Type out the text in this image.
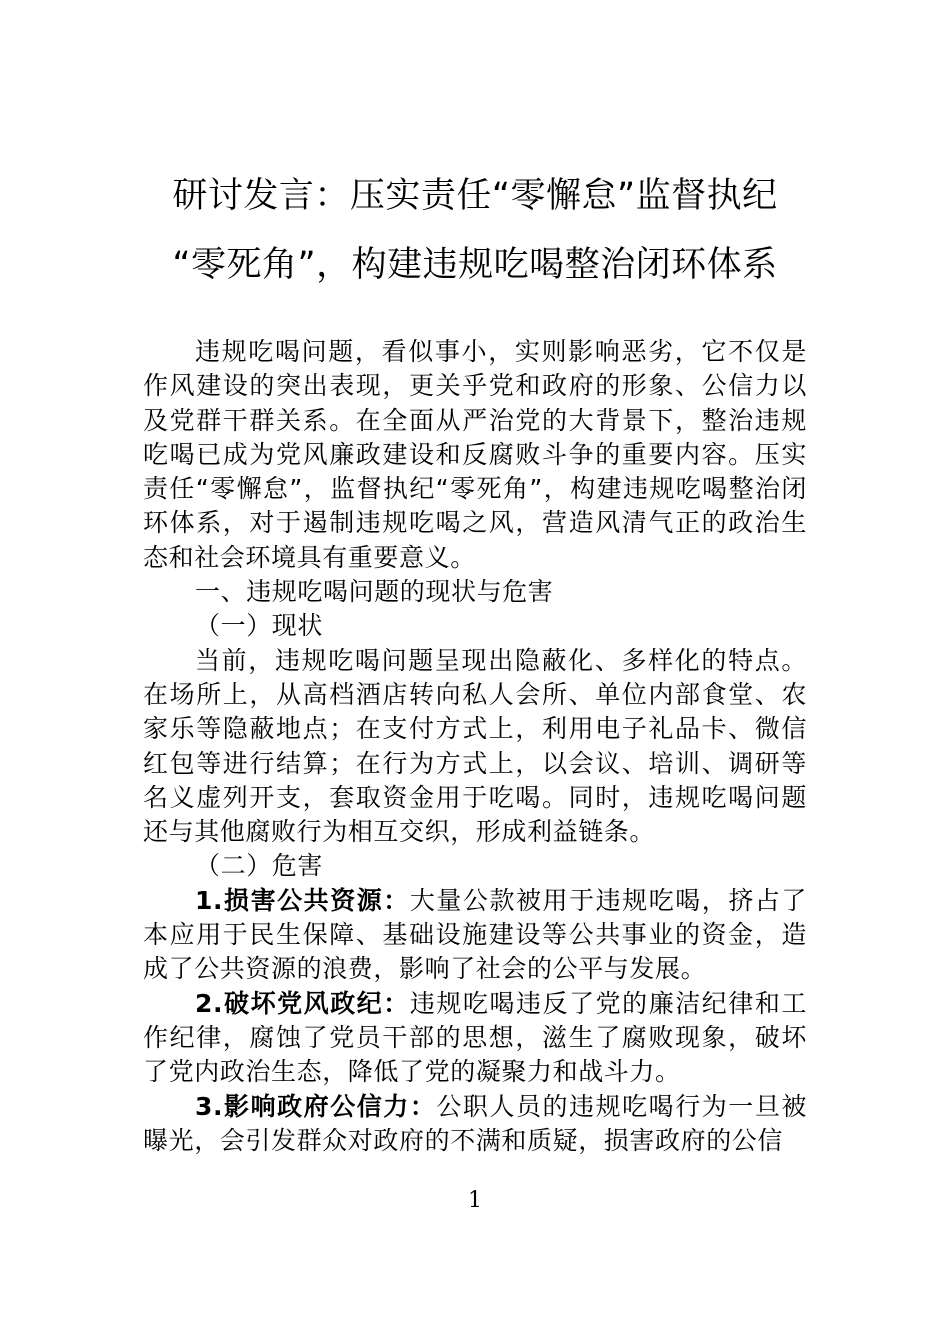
研讨发言：压实责任“零懈怠”监督执纪
“零死角”，构建违规吃喝整治闭环体系

违规吃喝问题，看似事小，实则影响恶劣，它不仅是作风建设的突出表现，更关乎党和政府的形象、公信力以及党群干群关系。在全面从严治党的大背景下，整治违规吃喝已成为党风廉政建设和反腐败斗争的重要内容。压实责任“零懈怠”，监督执纪“零死角”，构建违规吃喝整治闭环体系，对于遏制违规吃喝之风，营造风清气正的政治生态和社会环境具有重要意义。

一、违规吃喝问题的现状与危害

（一）现状

当前，违规吃喝问题呈现出隐蔽化、多样化的特点。在场所上，从高档酒店转向私人会所、单位内部食堂、农家乐等隐蔽地点；在支付方式上，利用电子礼品卡、微信红包等进行结算；在行为方式上，以会议、培训、调研等名义虚列开支，套取资金用于吃喝。同时，违规吃喝问题还与其他腐败行为相互交织，形成利益链条。

（二）危害

1.损害公共资源：大量公款被用于违规吃喝，挤占了本应用于民生保障、基础设施建设等公共事业的资金，造成了公共资源的浪费，影响了社会的公平与发展。

2.破坏党风政纪：违规吃喝违反了党的廉洁纪律和工作纪律，腐蚀了党员干部的思想，滋生了腐败现象，破坏了党内政治生态，降低了党的凝聚力和战斗力。

3.影响政府公信力：公职人员的违规吃喝行为一旦被曝光，会引发群众对政府的不满和质疑，损害政府的公信

1
